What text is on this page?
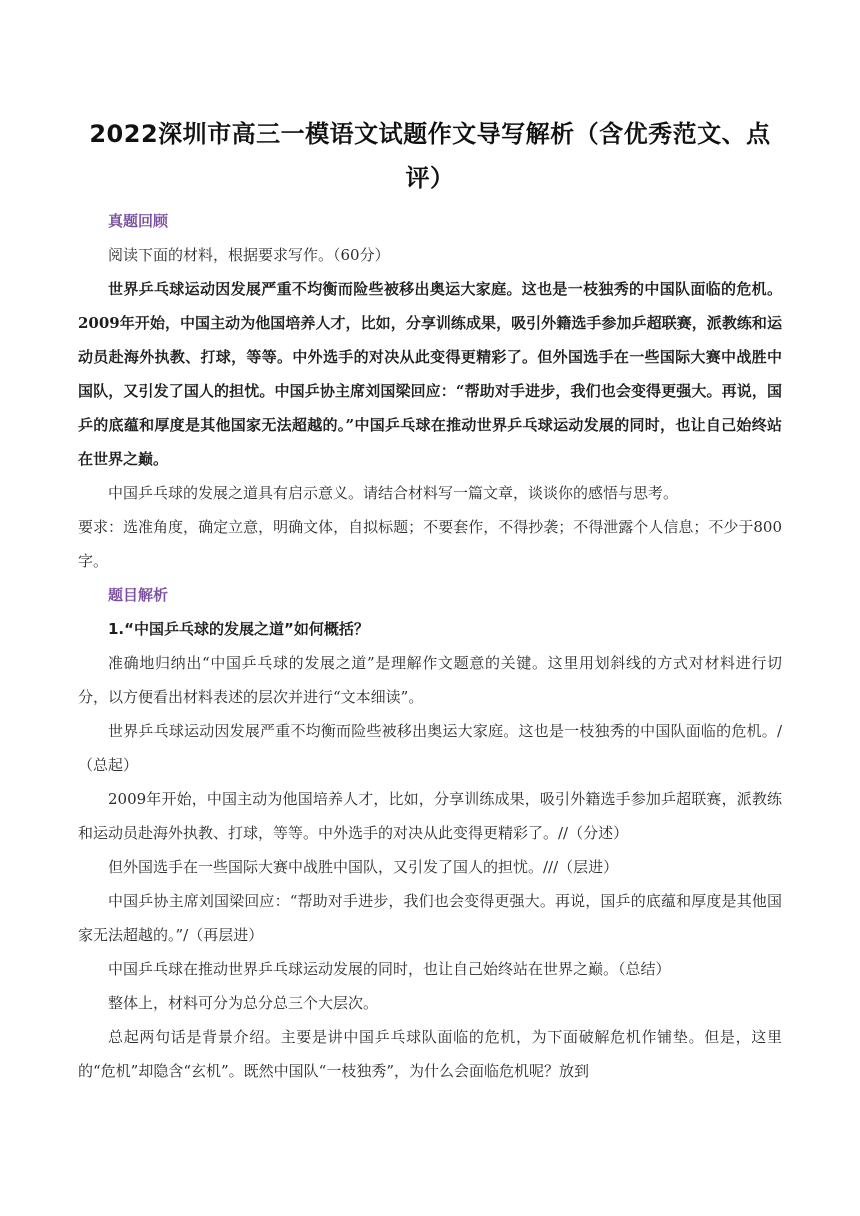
2022深圳市高三一模语文试题作文导写解析（含优秀范文、点评）
真题回顾

阅读下面的材料，根据要求写作。（60分）

世界乒乓球运动因发展严重不均衡而险些被移出奥运大家庭。这也是一枝独秀的中国队面临的危机。2009年开始，中国主动为他国培养人才，比如，分享训练成果，吸引外籍选手参加乒超联赛，派教练和运动员赴海外执教、打球，等等。中外选手的对决从此变得更精彩了。但外国选手在一些国际大赛中战胜中国队，又引发了国人的担忧。中国乒协主席刘国梁回应：“帮助对手进步，我们也会变得更强大。再说，国乒的底蕴和厚度是其他国家无法超越的。”中国乒乓球在推动世界乒乓球运动发展的同时，也让自己始终站在世界之巅。

中国乒乓球的发展之道具有启示意义。请结合材料写一篇文章，谈谈你的感悟与思考。

要求：选准角度，确定立意，明确文体，自拟标题；不要套作，不得抄袭；不得泄露个人信息；不少于800字。

题目解析

1.“中国乒乓球的发展之道”如何概括？

准确地归纳出“中国乒乓球的发展之道”是理解作文题意的关键。这里用划斜线的方式对材料进行切分，以方便看出材料表述的层次并进行“文本细读”。

世界乒乓球运动因发展严重不均衡而险些被移出奥运大家庭。这也是一枝独秀的中国队面临的危机。/（总起）

2009年开始，中国主动为他国培养人才，比如，分享训练成果，吸引外籍选手参加乒超联赛，派教练和运动员赴海外执教、打球，等等。中外选手的对决从此变得更精彩了。//（分述）

但外国选手在一些国际大赛中战胜中国队，又引发了国人的担忧。///（层进）

中国乒协主席刘国梁回应：“帮助对手进步，我们也会变得更强大。再说，国乒的底蕴和厚度是其他国家无法超越的。”/（再层进）

中国乒乓球在推动世界乒乓球运动发展的同时，也让自己始终站在世界之巅。（总结）

整体上，材料可分为总分总三个大层次。

总起两句话是背景介绍。主要是讲中国乒乓球队面临的危机，为下面破解危机作铺垫。但是，这里的“危机”却隐含“玄机”。既然中国队“一枝独秀”，为什么会面临危机呢？放到
